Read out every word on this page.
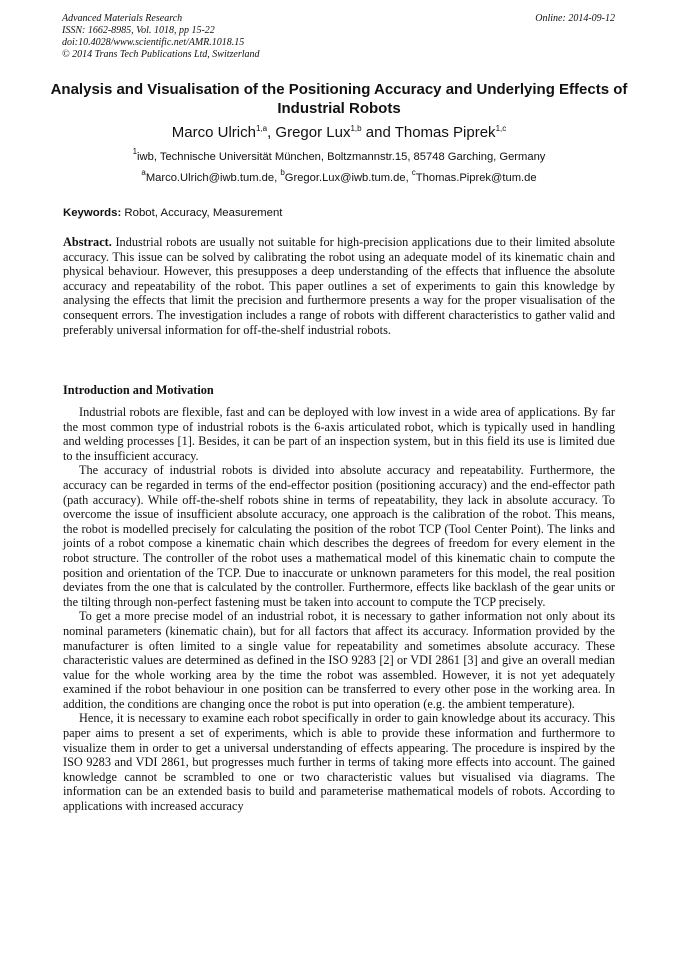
Advanced Materials Research
ISSN: 1662-8985, Vol. 1018, pp 15-22
doi:10.4028/www.scientific.net/AMR.1018.15
© 2014 Trans Tech Publications Ltd, Switzerland
Online: 2014-09-12
Analysis and Visualisation of the Positioning Accuracy and Underlying Effects of Industrial Robots
Marco Ulrich$^{1,a}$, Gregor Lux$^{1,b}$ and Thomas Piprek$^{1,c}$
$^1$iwb, Technische Universität München, Boltzmannstr.15, 85748 Garching, Germany
$^a$Marco.Ulrich@iwb.tum.de, $^b$Gregor.Lux@iwb.tum.de, $^c$Thomas.Piprek@tum.de
Keywords: Robot, Accuracy, Measurement
Abstract. Industrial robots are usually not suitable for high-precision applications due to their limited absolute accuracy. This issue can be solved by calibrating the robot using an adequate model of its kinematic chain and physical behaviour. However, this presupposes a deep understanding of the effects that influence the absolute accuracy and repeatability of the robot. This paper outlines a set of experiments to gain this knowledge by analysing the effects that limit the precision and furthermore presents a way for the proper visualisation of the consequent errors. The investigation includes a range of robots with different characteristics to gather valid and preferably universal information for off-the-shelf industrial robots.
Introduction and Motivation

Industrial robots are flexible, fast and can be deployed with low invest in a wide area of applications. By far the most common type of industrial robots is the 6-axis articulated robot, which is typically used in handling and welding processes [1]. Besides, it can be part of an inspection system, but in this field its use is limited due to the insufficient accuracy.

The accuracy of industrial robots is divided into absolute accuracy and repeatability. Furthermore, the accuracy can be regarded in terms of the end-effector position (positioning accuracy) and the end-effector path (path accuracy). While off-the-shelf robots shine in terms of repeatability, they lack in absolute accuracy. To overcome the issue of insufficient absolute accuracy, one approach is the calibration of the robot. This means, the robot is modelled precisely for calculating the position of the robot TCP (Tool Center Point). The links and joints of a robot compose a kinematic chain which describes the degrees of freedom for every element in the robot structure. The controller of the robot uses a mathematical model of this kinematic chain to compute the position and orientation of the TCP. Due to inaccurate or unknown parameters for this model, the real position deviates from the one that is calculated by the controller. Furthermore, effects like backlash of the gear units or the tilting through non-perfect fastening must be taken into account to compute the TCP precisely.

To get a more precise model of an industrial robot, it is necessary to gather information not only about its nominal parameters (kinematic chain), but for all factors that affect its accuracy. Information provided by the manufacturer is often limited to a single value for repeatability and sometimes absolute accuracy. These characteristic values are determined as defined in the ISO 9283 [2] or VDI 2861 [3] and give an overall median value for the whole working area by the time the robot was assembled. However, it is not yet adequately examined if the robot behaviour in one position can be transferred to every other pose in the working area. In addition, the conditions are changing once the robot is put into operation (e.g. the ambient temperature).

Hence, it is necessary to examine each robot specifically in order to gain knowledge about its accuracy. This paper aims to present a set of experiments, which is able to provide these information and furthermore to visualize them in order to get a universal understanding of effects appearing. The procedure is inspired by the ISO 9283 and VDI 2861, but progresses much further in terms of taking more effects into account. The gained knowledge cannot be scrambled to one or two characteristic values but visualised via diagrams. The information can be an extended basis to build and parameterise mathematical models of robots. According to applications with increased accuracy
